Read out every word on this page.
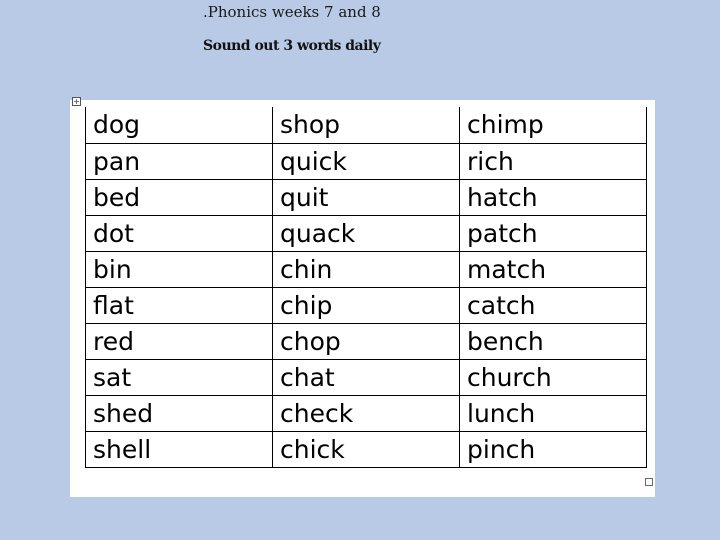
.Phonics weeks 7 and 8
Sound out 3 words daily
dog	shop	chimp
pan	quick	rich
bed	quit	hatch
dot	quack	patch
bin	chin	match
flat	chip	catch
red	chop	bench
sat	chat	church
shed	check	lunch
shell	chick	pinch
+
